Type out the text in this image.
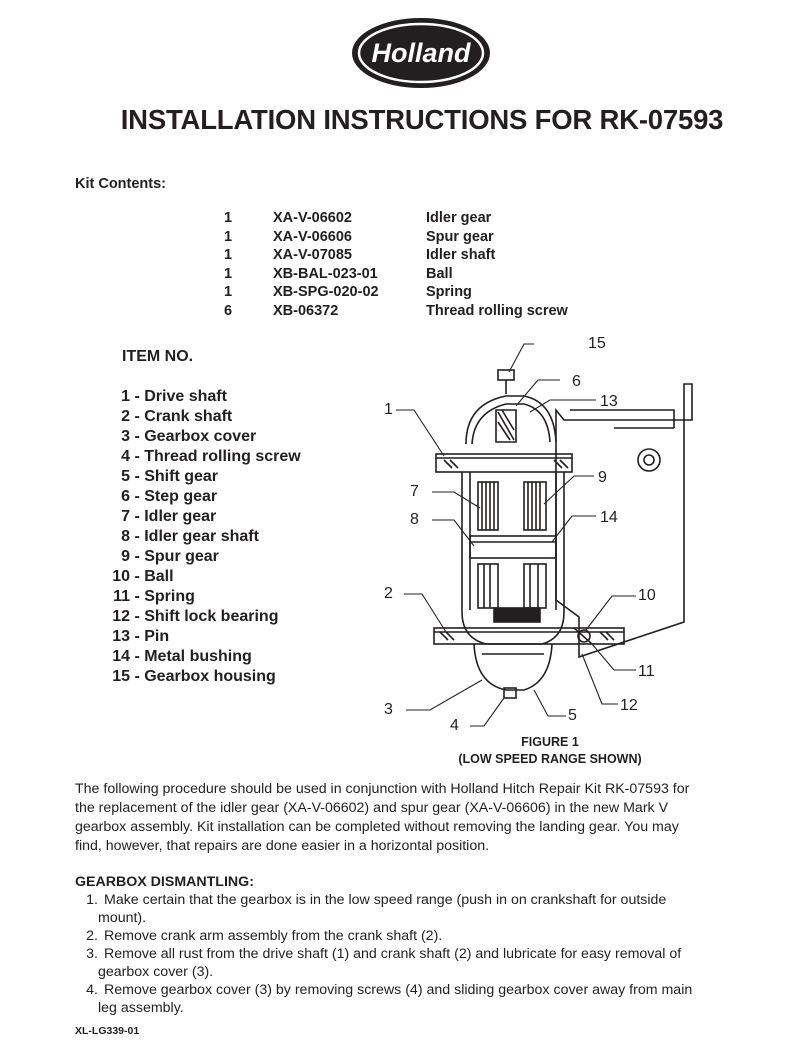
Holland
INSTALLATION INSTRUCTIONS FOR RK-07593
Kit Contents:
1	XA-V-06602	Idler gear
1	XA-V-06606	Spur gear
1	XA-V-07085	Idler shaft
1	XB-BAL-023-01	Ball
1	XB-SPG-020-02	Spring
6	XB-06372	Thread rolling screw
ITEM NO.
1 - Drive shaft
2 - Crank shaft
3 - Gearbox cover
4 - Thread rolling screw
5 - Shift gear
6 - Step gear
7 - Idler gear
8 - Idler gear shaft
9 - Spur gear
10 - Ball
11 - Spring
12 - Shift lock bearing
13 - Pin
14 - Metal bushing
15 - Gearbox housing
1
2
3
4
5
6
7
8
9
10
11
12
13
14
15
FIGURE 1
(LOW SPEED RANGE SHOWN)
The following procedure should be used in conjunction with Holland Hitch Repair Kit RK-07593 for
the replacement of the idler gear (XA-V-06602) and spur gear (XA-V-06606) in the new Mark V
gearbox assembly. Kit installation can be completed without removing the landing gear. You may
find, however, that repairs are done easier in a horizontal position.
GEARBOX DISMANTLING:
1. Make certain that the gearbox is in the low speed range (push in on crankshaft for outside
mount).
2. Remove crank arm assembly from the crank shaft (2).
3. Remove all rust from the drive shaft (1) and crank shaft (2) and lubricate for easy removal of
gearbox cover (3).
4. Remove gearbox cover (3) by removing screws (4) and sliding gearbox cover away from main
leg assembly.
XL-LG339-01
